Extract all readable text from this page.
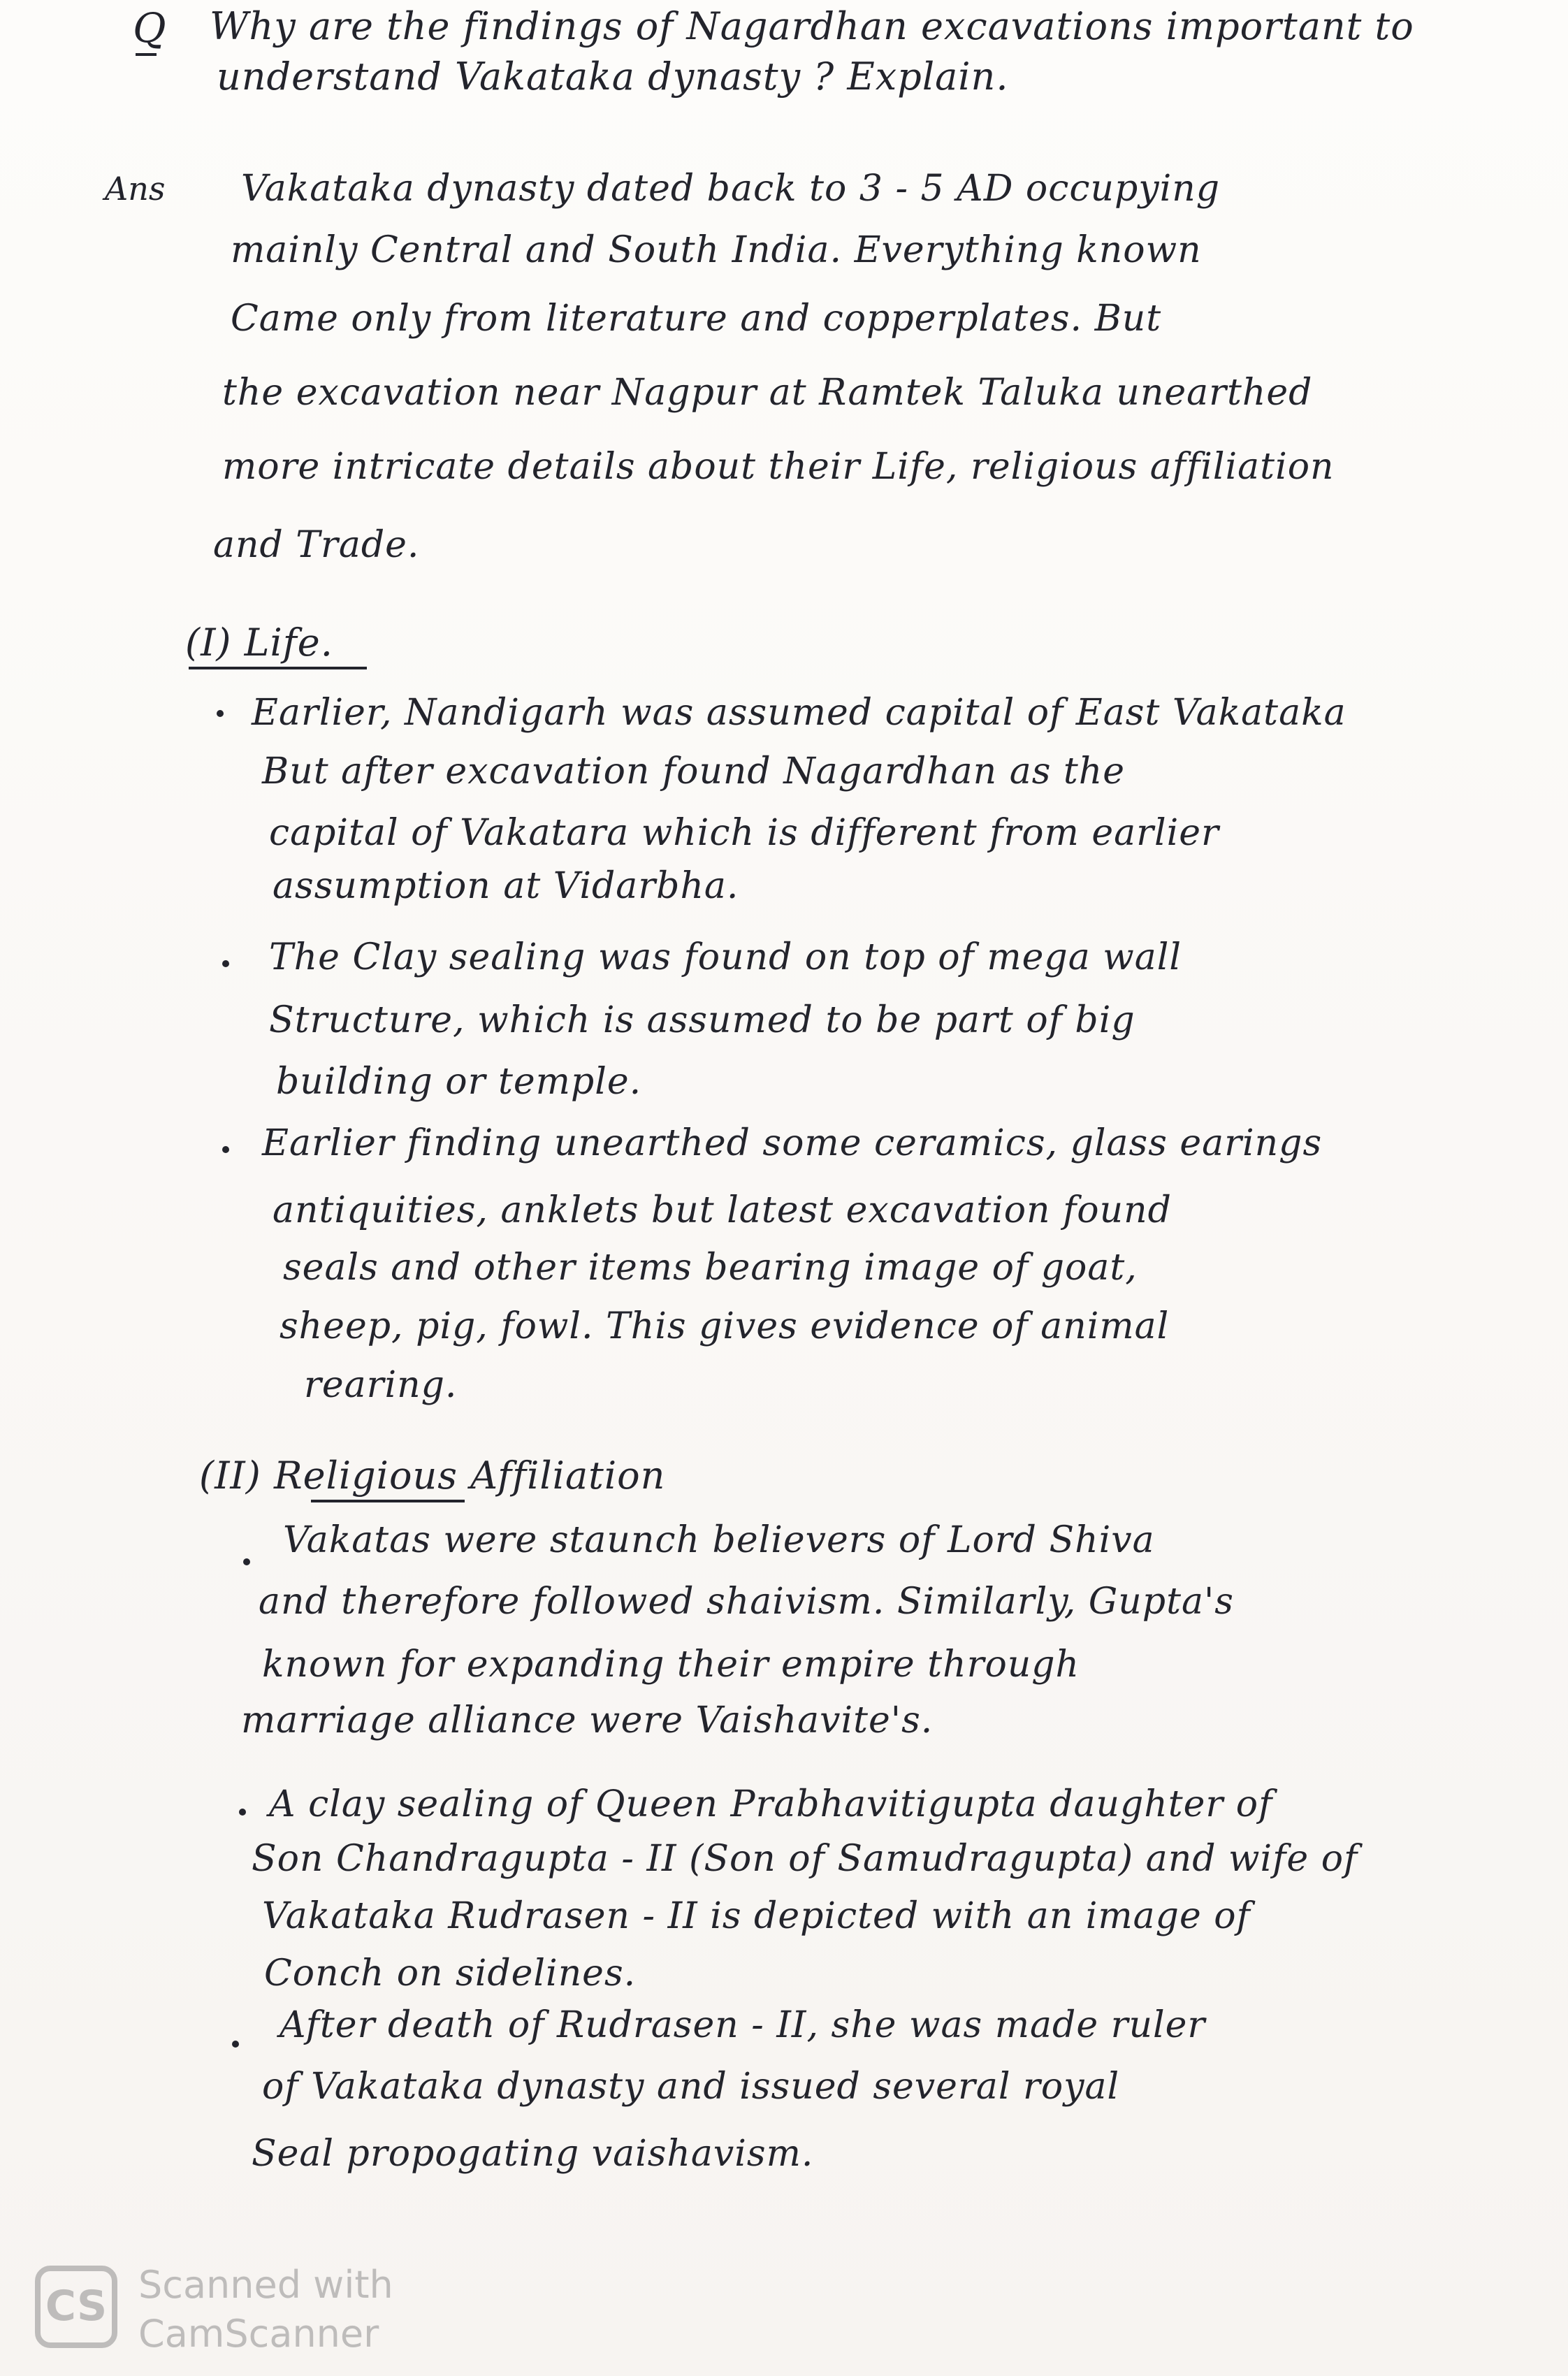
Q Why are the findings of Nagardhan excavations important to
understand Vakataka dynasty ? Explain.
Ans Vakataka dynasty dated back to 3 - 5 AD occupying
mainly Central and South India. Everything known
Came only from literature and copperplates. But
the excavation near Nagpur at Ramtek Taluka unearthed
more intricate details about their Life, religious affiliation
and Trade.
(I) Life.
Earlier, Nandigarh was assumed capital of East Vakataka
But after excavation found Nagardhan as the
capital of Vakatara which is different from earlier
assumption at Vidarbha.
The Clay sealing was found on top of mega wall
Structure, which is assumed to be part of big
building or temple.
Earlier finding unearthed some ceramics, glass earings
antiquities, anklets but latest excavation found
seals and other items bearing image of goat,
sheep, pig, fowl. This gives evidence of animal
rearing.
(II) Religious Affiliation
Vakatas were staunch believers of Lord Shiva
and therefore followed shaivism. Similarly, Gupta's
known for expanding their empire through
marriage alliance were Vaishavite's.
A clay sealing of Queen Prabhavitigupta daughter of
Son Chandragupta - II (Son of Samudragupta) and wife of
Vakataka Rudrasen - II is depicted with an image of
Conch on sidelines.
After death of Rudrasen - II, she was made ruler
of Vakataka dynasty and issued several royal
Seal propogating vaishavism.
CS Scanned with
CamScanner
